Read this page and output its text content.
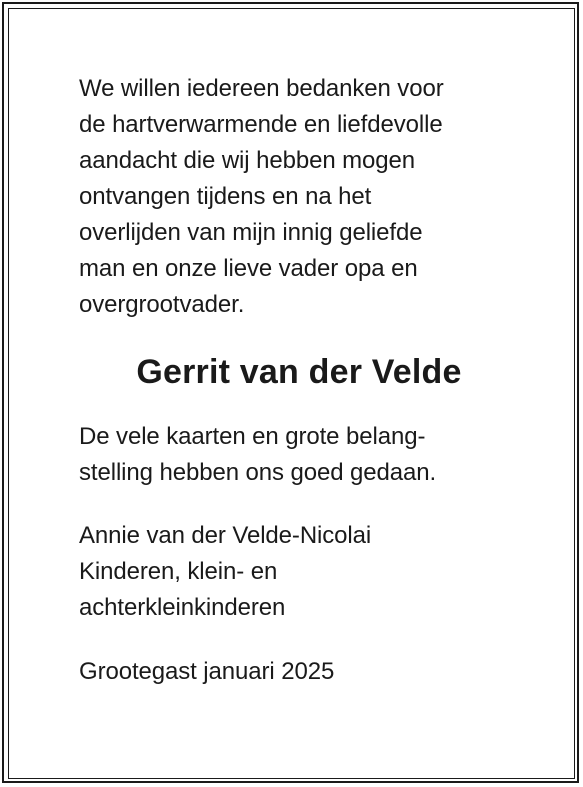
We willen iedereen bedanken voor
de hartverwarmende en liefdevolle
aandacht die wij hebben mogen
ontvangen tijdens en na het
overlijden van mijn innig geliefde
man en onze lieve vader opa en
overgrootvader.

Gerrit van der Velde

De vele kaarten en grote belang-
stelling hebben ons goed gedaan.

Annie van der Velde-Nicolai
Kinderen, klein- en
achterkleinkinderen

Grootegast januari 2025
